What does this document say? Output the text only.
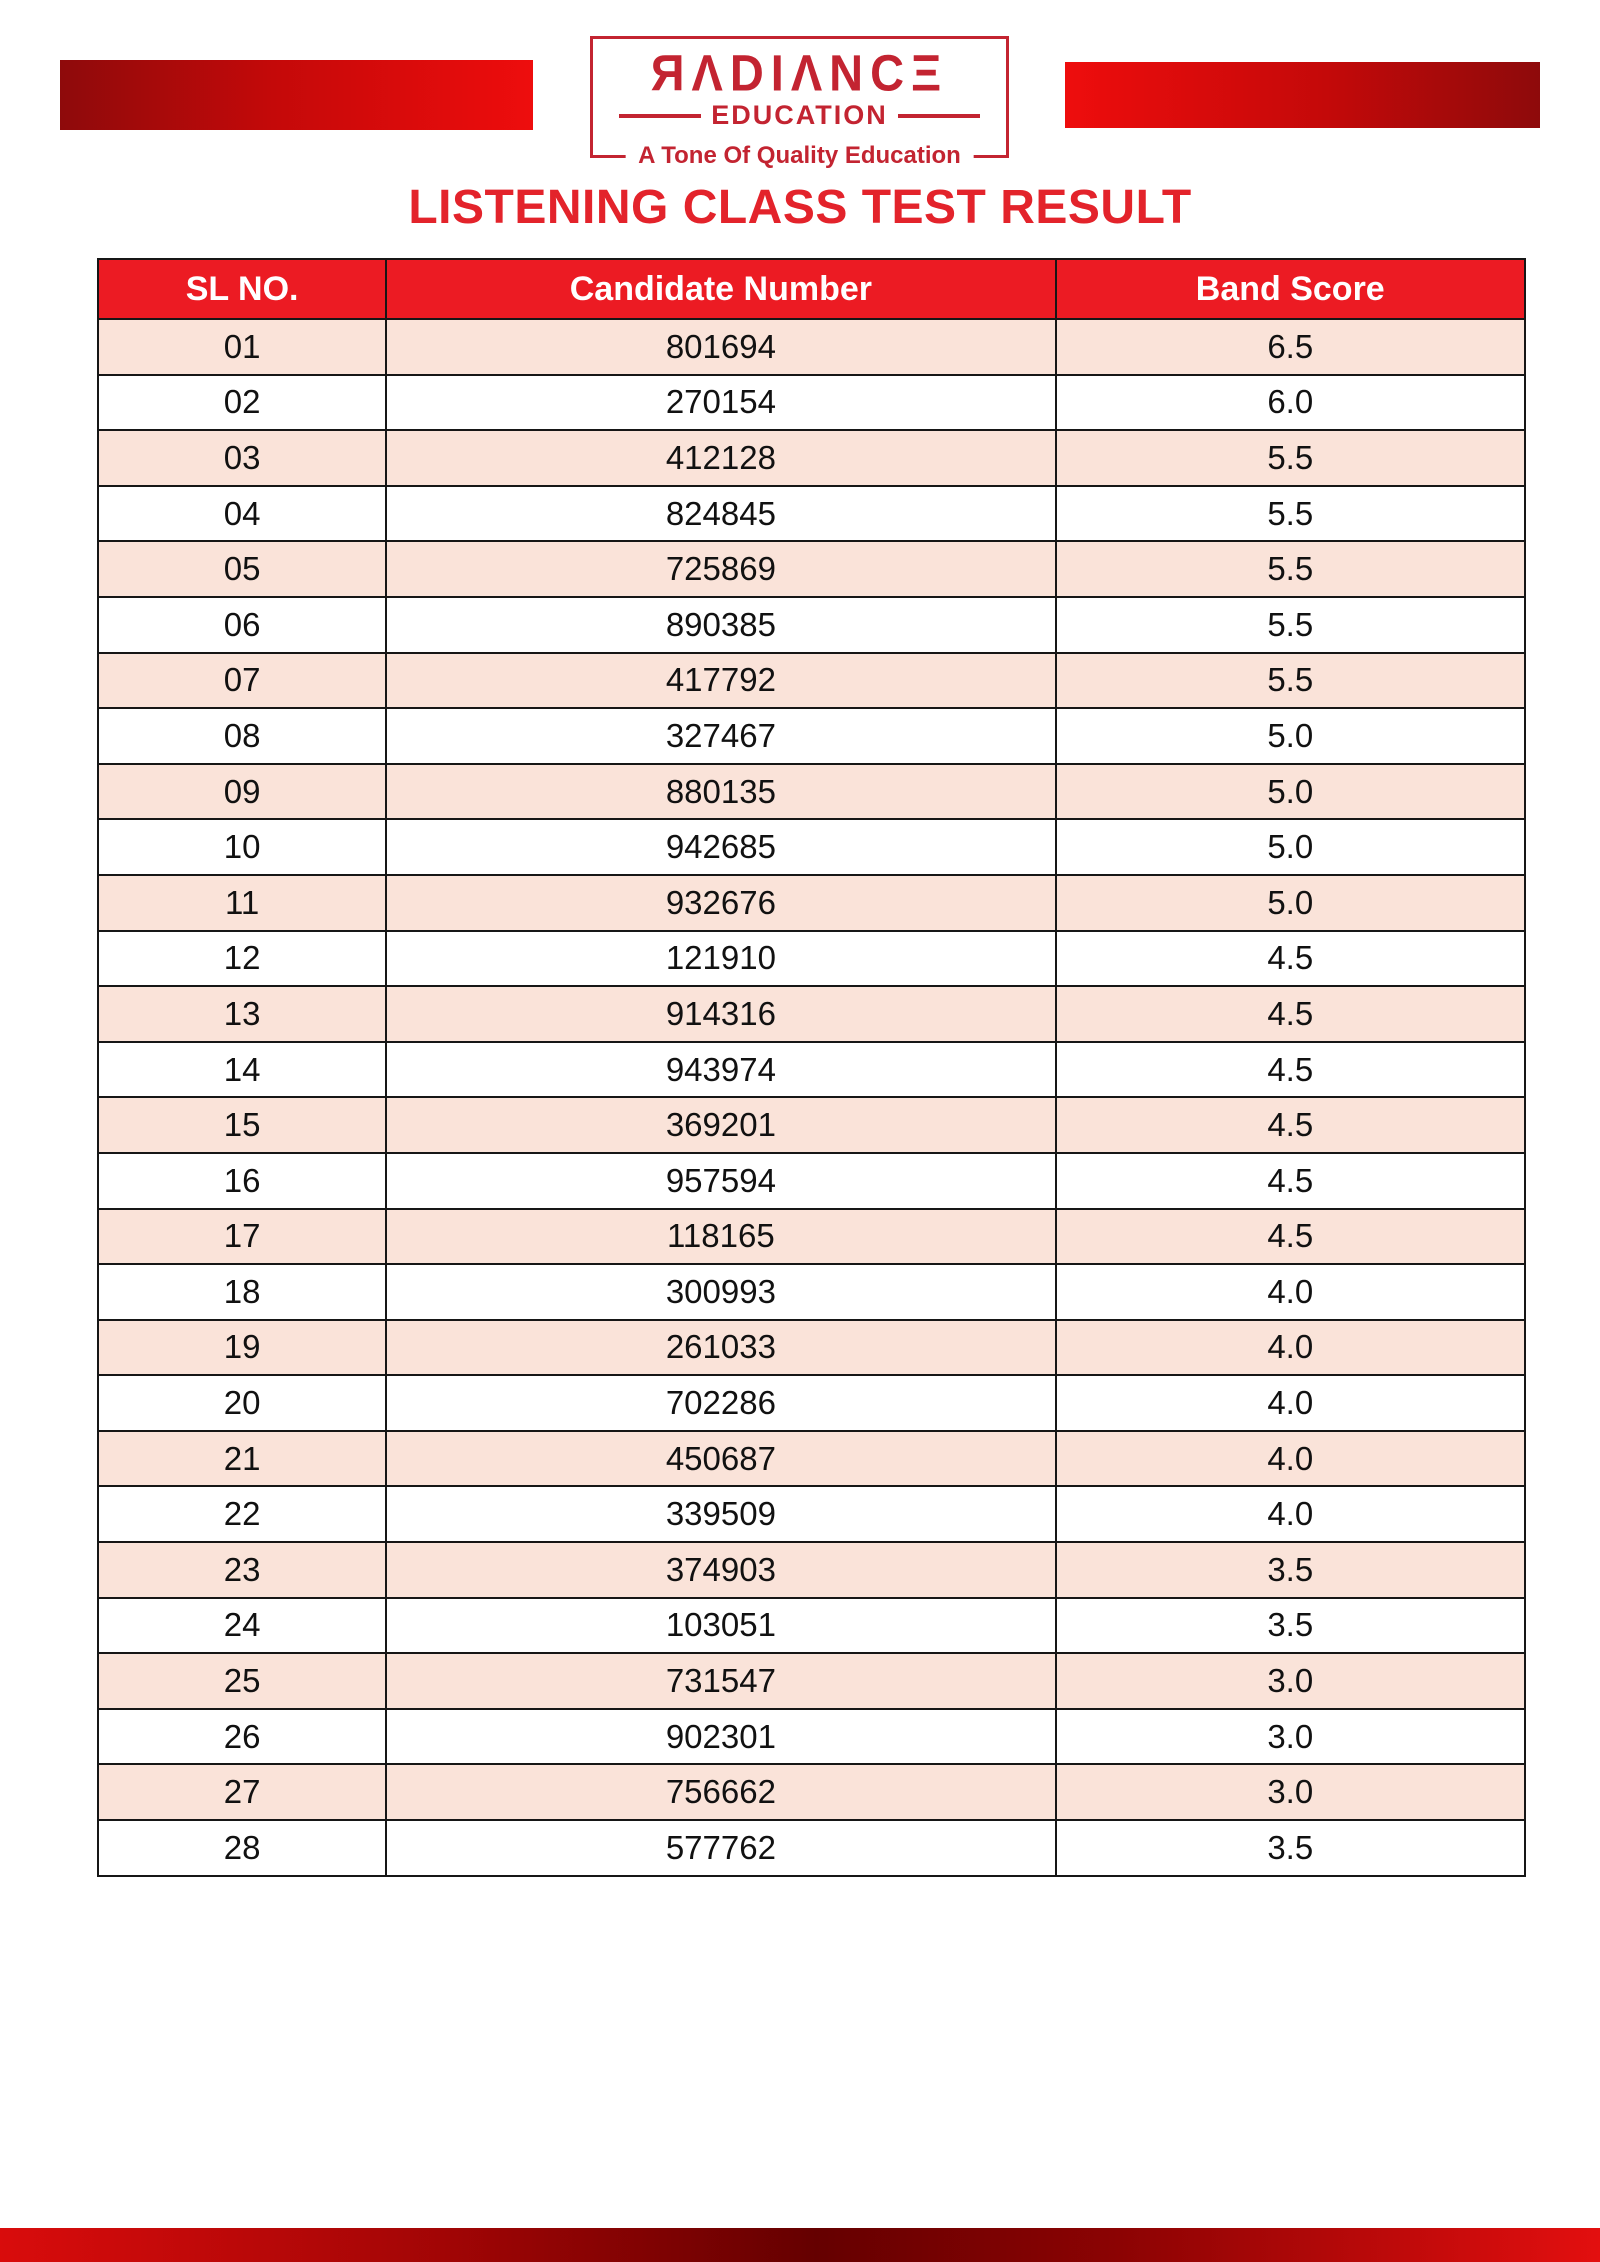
ЯΛDIΛNCΞ
EDUCATION
A Tone Of Quality Education
LISTENING CLASS TEST RESULT
SL NO.	Candidate Number	Band Score
01	801694	6.5
02	270154	6.0
03	412128	5.5
04	824845	5.5
05	725869	5.5
06	890385	5.5
07	417792	5.5
08	327467	5.0
09	880135	5.0
10	942685	5.0
11	932676	5.0
12	121910	4.5
13	914316	4.5
14	943974	4.5
15	369201	4.5
16	957594	4.5
17	118165	4.5
18	300993	4.0
19	261033	4.0
20	702286	4.0
21	450687	4.0
22	339509	4.0
23	374903	3.5
24	103051	3.5
25	731547	3.0
26	902301	3.0
27	756662	3.0
28	577762	3.5
